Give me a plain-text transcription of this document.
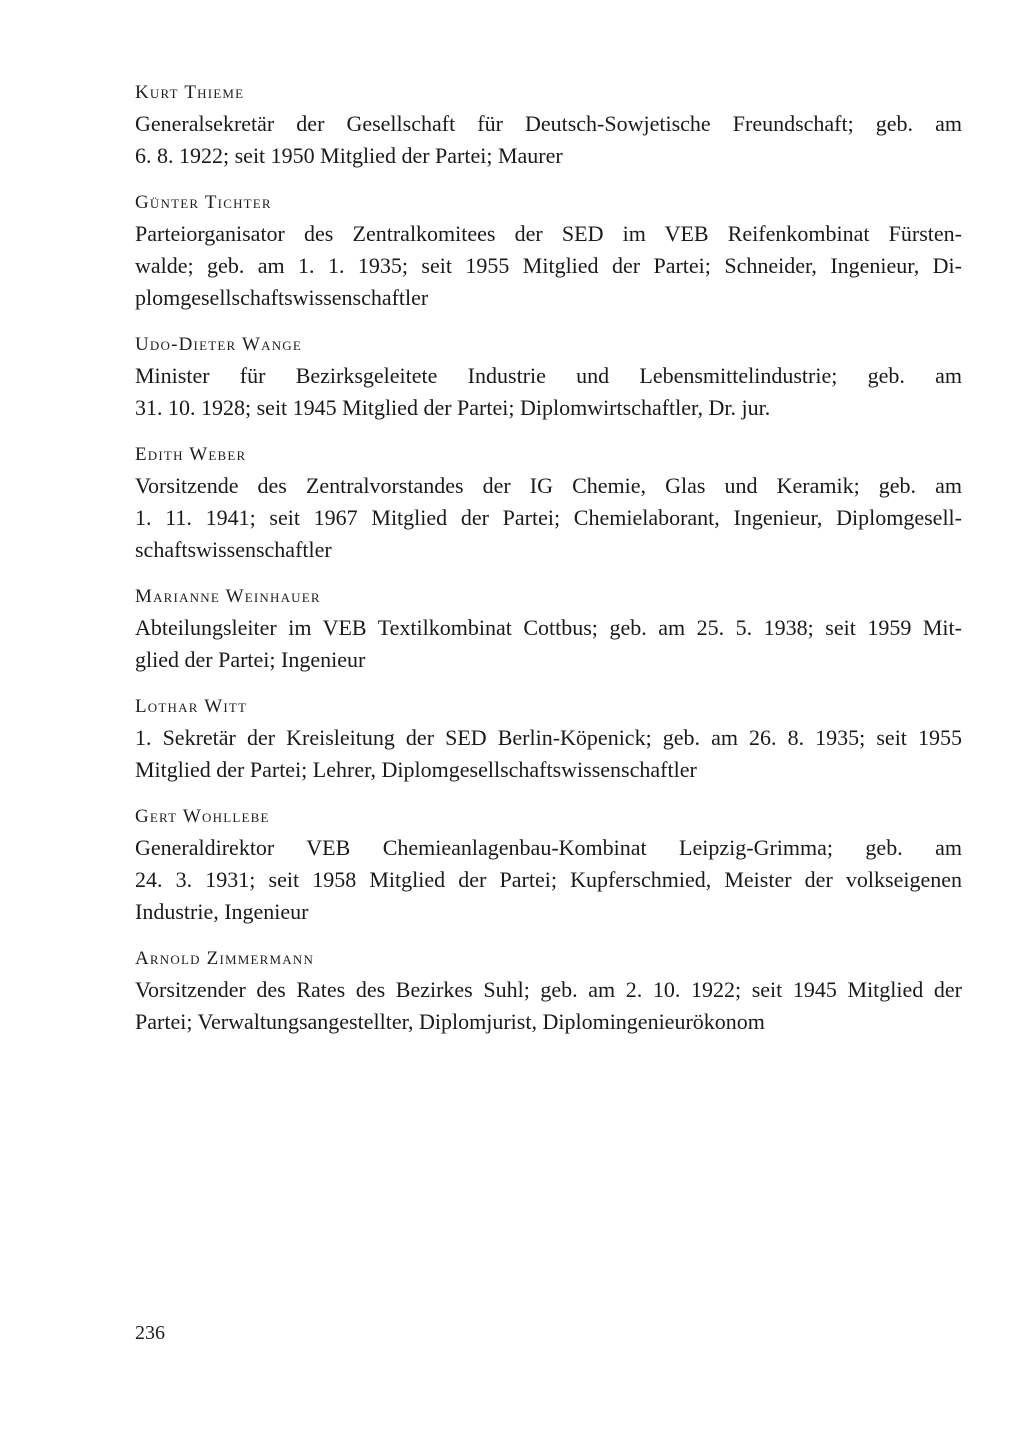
Kurt Thieme

Generalsekretär der Gesellschaft für Deutsch-Sowjetische Freundschaft; geb. am
6. 8. 1922; seit 1950 Mitglied der Partei; Maurer

Günter Tichter

Parteiorganisator des Zentralkomitees der SED im VEB Reifenkombinat Fürsten-
walde; geb. am 1. 1. 1935; seit 1955 Mitglied der Partei; Schneider, Ingenieur, Di-
plomgesellschaftswissenschaftler

Udo-Dieter Wange

Minister für Bezirksgeleitete Industrie und Lebensmittelindustrie; geb. am
31. 10. 1928; seit 1945 Mitglied der Partei; Diplomwirtschaftler, Dr. jur.

Edith Weber

Vorsitzende des Zentralvorstandes der IG Chemie, Glas und Keramik; geb. am
1. 11. 1941; seit 1967 Mitglied der Partei; Chemielaborant, Ingenieur, Diplomgesell-
schaftswissenschaftler

Marianne Weinhauer

Abteilungsleiter im VEB Textilkombinat Cottbus; geb. am 25. 5. 1938; seit 1959 Mit-
glied der Partei; Ingenieur

Lothar Witt

1. Sekretär der Kreisleitung der SED Berlin-Köpenick; geb. am 26. 8. 1935; seit 1955
Mitglied der Partei; Lehrer, Diplomgesellschaftswissenschaftler

Gert Wohllebe

Generaldirektor VEB Chemieanlagenbau-Kombinat Leipzig-Grimma; geb. am
24. 3. 1931; seit 1958 Mitglied der Partei; Kupferschmied, Meister der volkseigenen
Industrie, Ingenieur

Arnold Zimmermann

Vorsitzender des Rates des Bezirkes Suhl; geb. am 2. 10. 1922; seit 1945 Mitglied der
Partei; Verwaltungsangestellter, Diplomjurist, Diplomingenieurökonom

236
